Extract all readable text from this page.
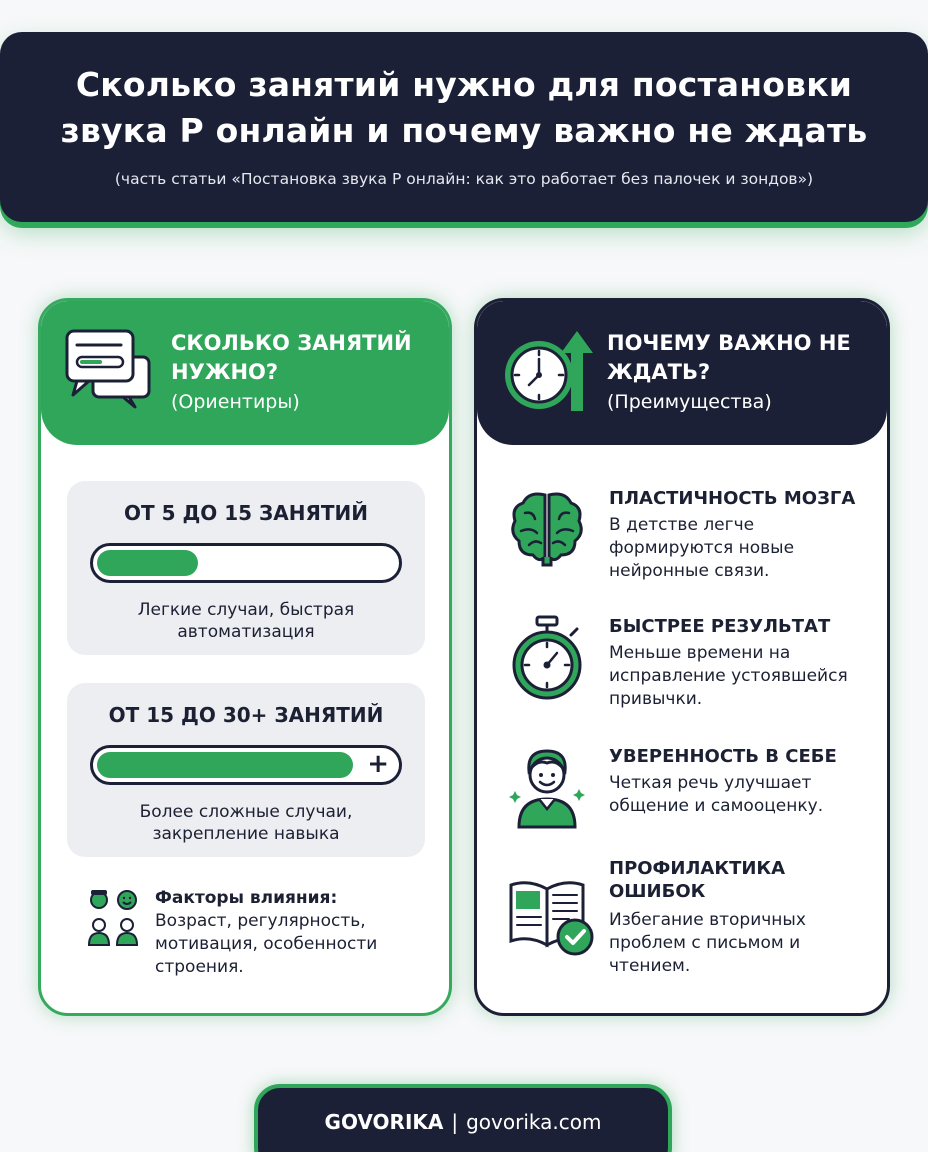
Сколько занятий нужно для постановки
звука Р онлайн и почему важно не ждать
(часть статьи «Постановка звука Р онлайн: как это работает без палочек и зондов»)
СКОЛЬКО ЗАНЯТИЙ НУЖНО?
(Ориентиры)
ОТ 5 ДО 15 ЗАНЯТИЙ
Легкие случаи, быстрая
автоматизация
ОТ 15 ДО 30+ ЗАНЯТИЙ
+
Более сложные случаи,
закрепление навыка
Факторы влияния:
Возраст, регулярность, мотивация, особенности строения.
ПОЧЕМУ ВАЖНО НЕ ЖДАТЬ?
(Преимущества)
ПЛАСТИЧНОСТЬ МОЗГА
В детстве легче формируются новые нейронные связи.
БЫСТРЕЕ РЕЗУЛЬТАТ
Меньше времени на исправление устоявшейся привычки.
УВЕРЕННОСТЬ В СЕБЕ
Четкая речь улучшает общение и самооценку.
ПРОФИЛАКТИКА ОШИБОК
Избегание вторичных проблем с письмом и чтением.
GOVORIKA | govorika.com
